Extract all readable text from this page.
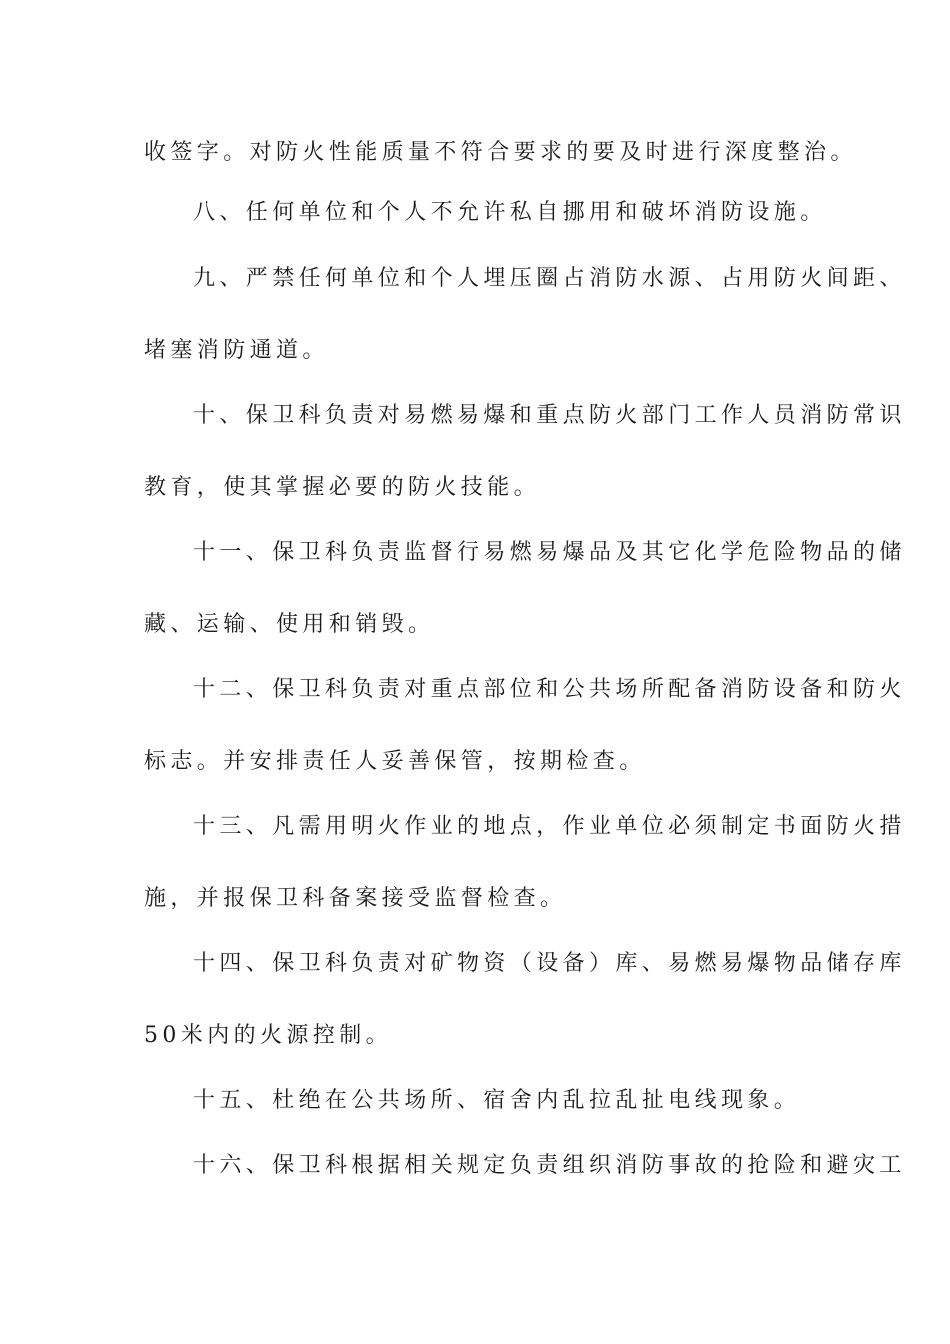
收签字。对防火性能质量不符合要求的要及时进行深度整治。
八、任何单位和个人不允许私自挪用和破坏消防设施。
九、严禁任何单位和个人埋压圈占消防水源、占用防火间距、
堵塞消防通道。
十、保卫科负责对易燃易爆和重点防火部门工作人员消防常识
教育，使其掌握必要的防火技能。
十一、保卫科负责监督行易燃易爆品及其它化学危险物品的储
藏、运输、使用和销毁。
十二、保卫科负责对重点部位和公共场所配备消防设备和防火
标志。并安排责任人妥善保管，按期检查。
十三、凡需用明火作业的地点，作业单位必须制定书面防火措
施，并报保卫科备案接受监督检查。
十四、保卫科负责对矿物资（设备）库、易燃易爆物品储存库
50米内的火源控制。
十五、杜绝在公共场所、宿舍内乱拉乱扯电线现象。
十六、保卫科根据相关规定负责组织消防事故的抢险和避灾工
